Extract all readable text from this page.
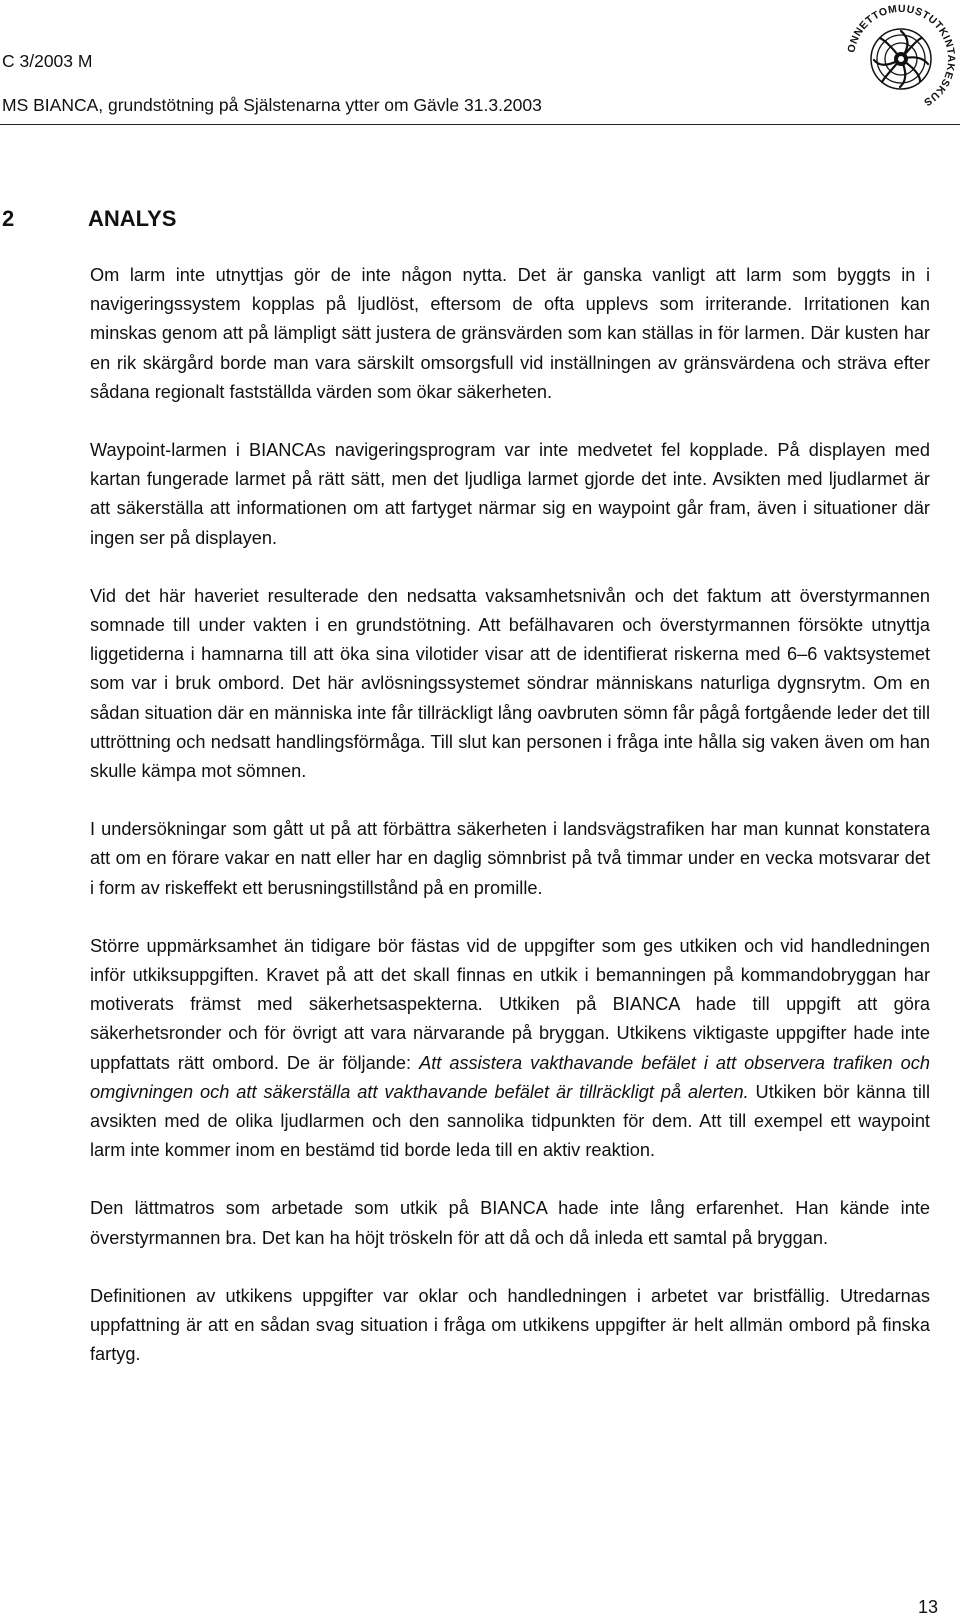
C 3/2003 M
MS BIANCA, grundstötning på Själstenarna ytter om Gävle 31.3.2003
ONNETTOMUUSTUTKINTAKESKUS
2	ANALYS

Om larm inte utnyttjas gör de inte någon nytta. Det är ganska vanligt att larm som byggts in i navigeringssystem kopplas på ljudlöst, eftersom de ofta upplevs som irriterande. Irritationen kan minskas genom att på lämpligt sätt justera de gränsvärden som kan ställas in för larmen. Där kusten har en rik skärgård borde man vara särskilt omsorgsfull vid inställningen av gränsvärdena och sträva efter sådana regionalt fastställda värden som ökar säkerheten.

Waypoint-larmen i BIANCAs navigeringsprogram var inte medvetet fel kopplade. På displayen med kartan fungerade larmet på rätt sätt, men det ljudliga larmet gjorde det inte. Avsikten med ljudlarmet är att säkerställa att informationen om att fartyget närmar sig en waypoint går fram, även i situationer där ingen ser på displayen.

Vid det här haveriet resulterade den nedsatta vaksamhetsnivån och det faktum att överstyrmannen somnade till under vakten i en grundstötning. Att befälhavaren och överstyrmannen försökte utnyttja liggetiderna i hamnarna till att öka sina vilotider visar att de identifierat riskerna med 6–6 vaktsystemet som var i bruk ombord. Det här avlösningssystemet söndrar människans naturliga dygnsrytm. Om en sådan situation där en människa inte får tillräckligt lång oavbruten sömn får pågå fortgående leder det till uttröttning och nedsatt handlingsförmåga. Till slut kan personen i fråga inte hålla sig vaken även om han skulle kämpa mot sömnen.

I undersökningar som gått ut på att förbättra säkerheten i landsvägstrafiken har man kunnat konstatera att om en förare vakar en natt eller har en daglig sömnbrist på två timmar under en vecka motsvarar det i form av riskeffekt ett berusningstillstånd på en promille.

Större uppmärksamhet än tidigare bör fästas vid de uppgifter som ges utkiken och vid handledningen inför utkiksuppgiften. Kravet på att det skall finnas en utkik i bemanningen på kommandobryggan har motiverats främst med säkerhetsaspekterna. Utkiken på BIANCA hade till uppgift att göra säkerhetsronder och för övrigt att vara närvarande på bryggan. Utkikens viktigaste uppgifter hade inte uppfattats rätt ombord. De är följande: Att assistera vakthavande befälet i att observera trafiken och omgivningen och att säkerställa att vakthavande befälet är tillräckligt på alerten. Utkiken bör känna till avsikten med de olika ljudlarmen och den sannolika tidpunkten för dem. Att till exempel ett waypoint larm inte kommer inom en bestämd tid borde leda till en aktiv reaktion.

Den lättmatros som arbetade som utkik på BIANCA hade inte lång erfarenhet. Han kände inte överstyrmannen bra. Det kan ha höjt tröskeln för att då och då inleda ett samtal på bryggan.

Definitionen av utkikens uppgifter var oklar och handledningen i arbetet var bristfällig. Utredarnas uppfattning är att en sådan svag situation i fråga om utkikens uppgifter är helt allmän ombord på finska fartyg.

13
